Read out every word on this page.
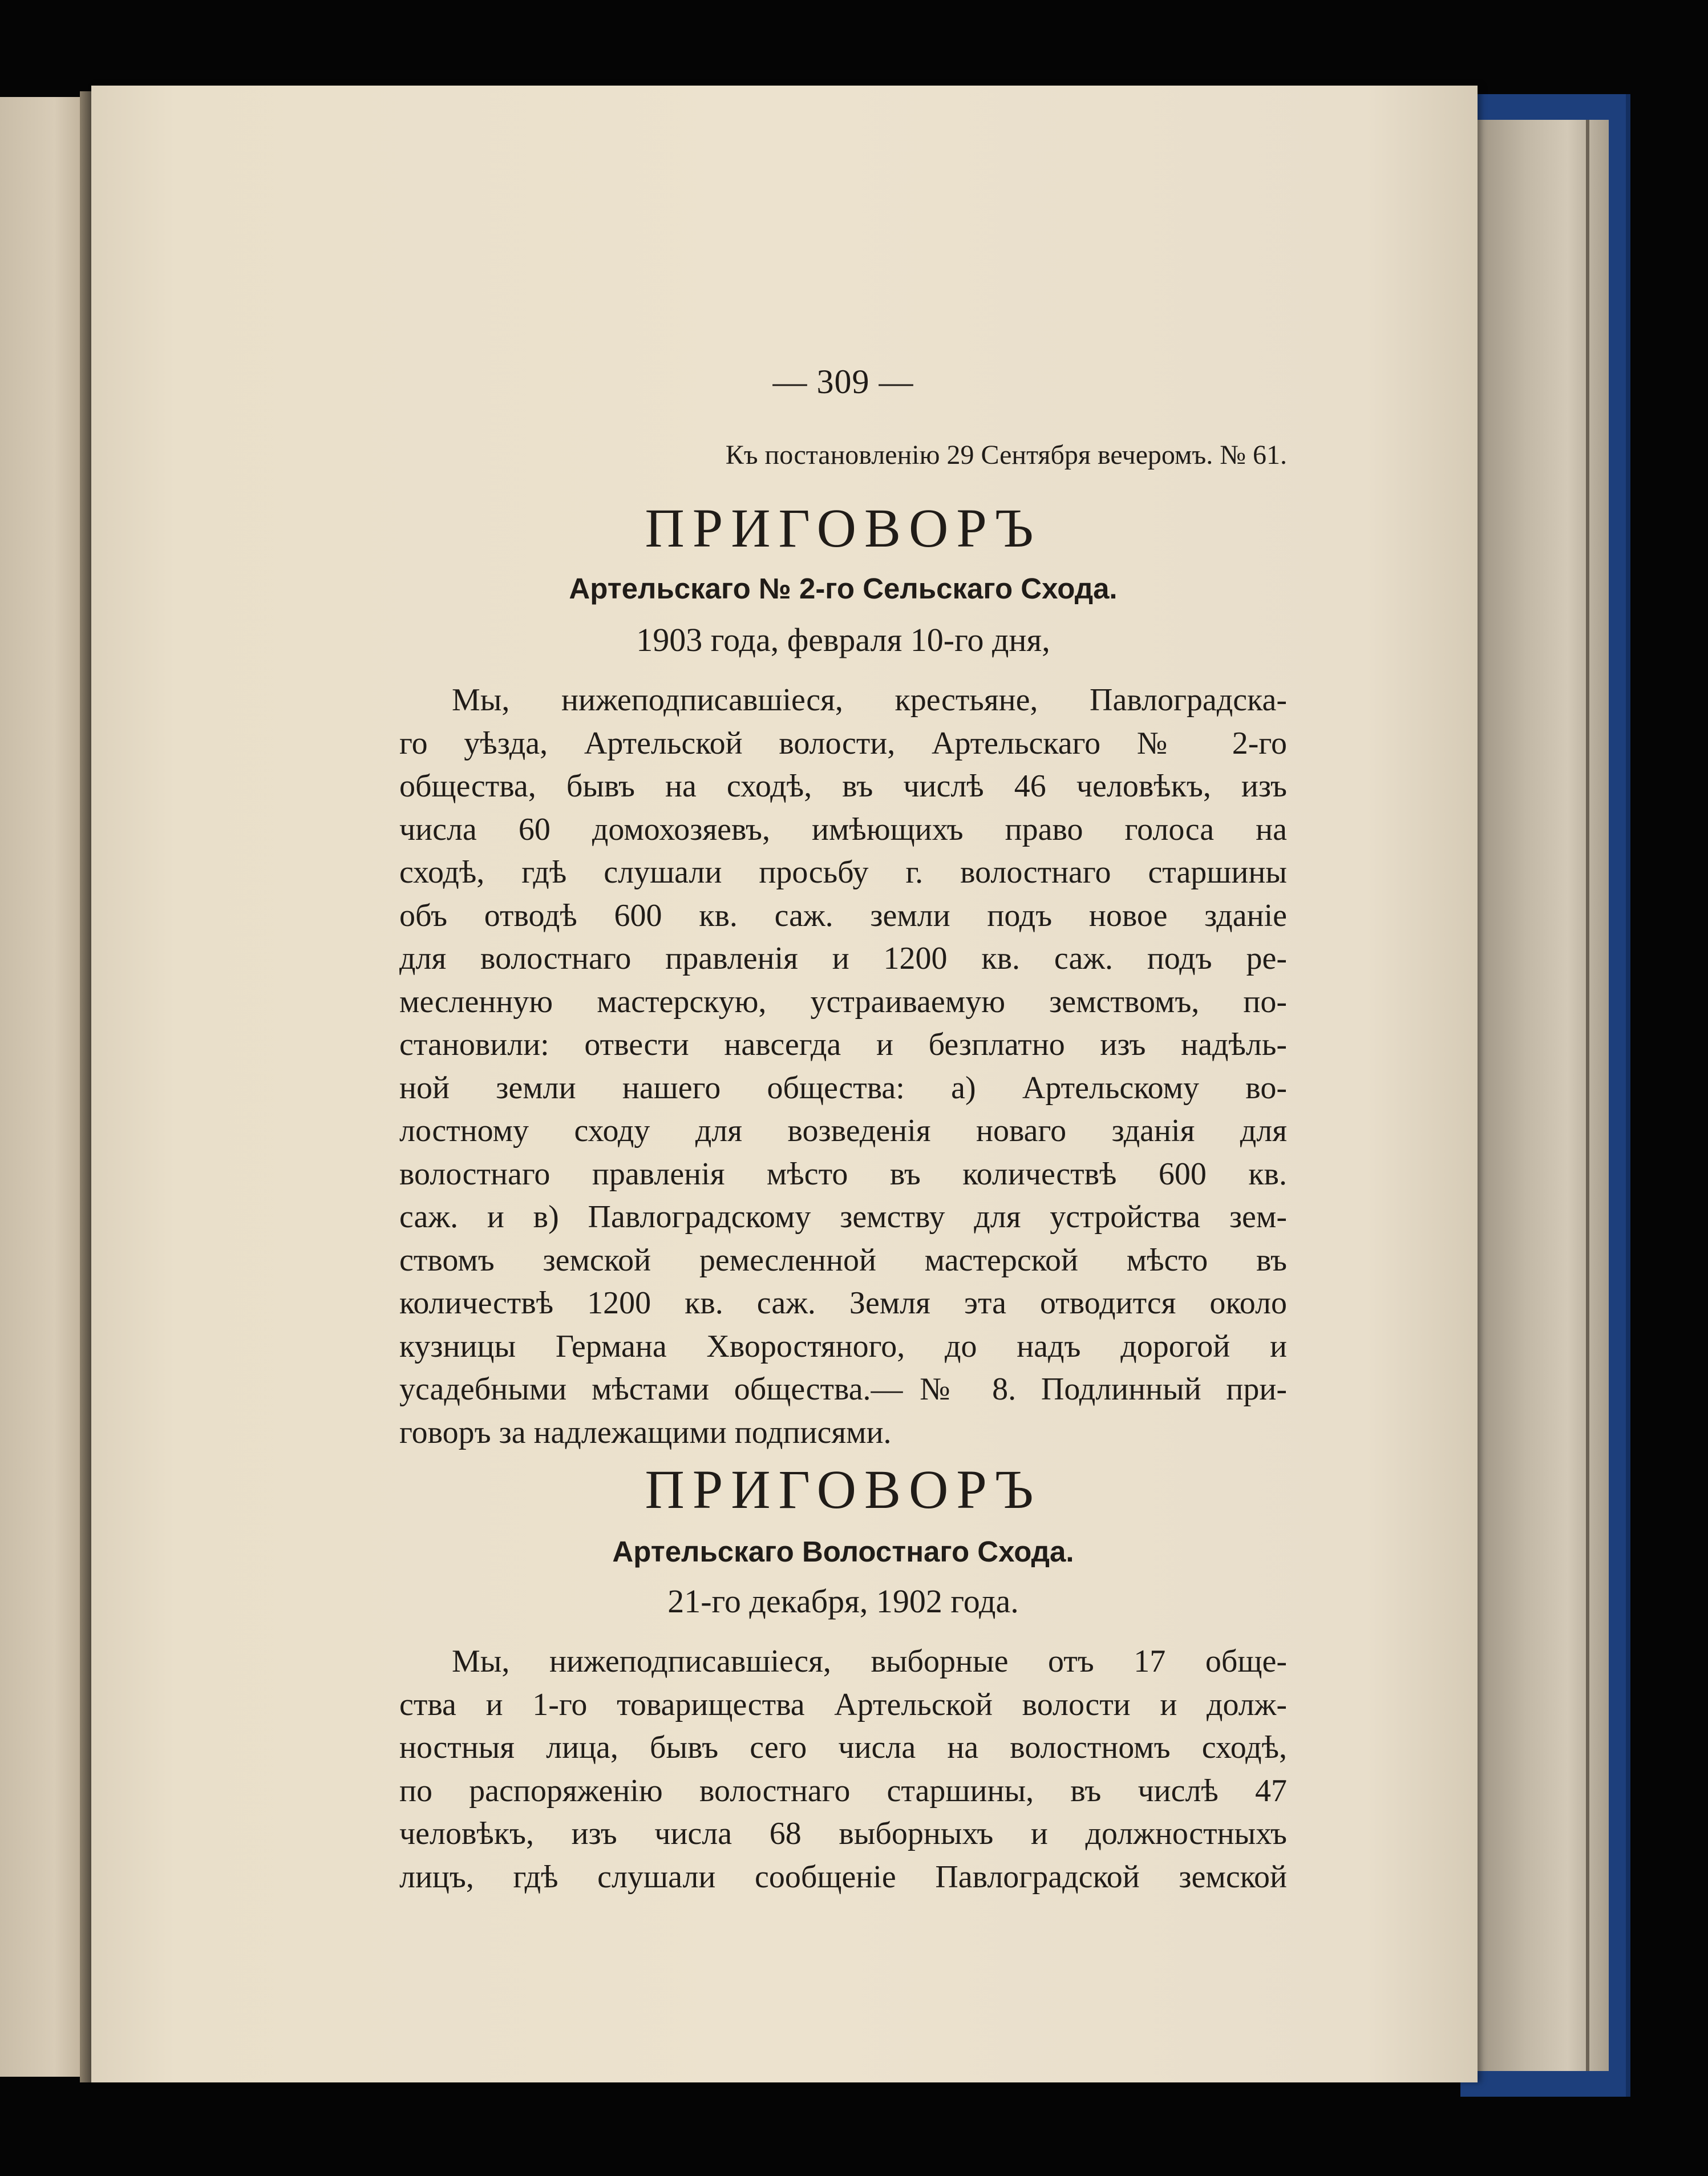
— 309 —
Къ постановленію 29 Сентября вечеромъ. № 61.
ПРИГОВОРЪ
Артельскаго № 2-го Сельскаго Схода.
1903 года, февраля 10-го дня,
Мы, нижеподписавшіеся, крестьяне, Павлоградска-
го уѣзда, Артельской волости, Артельскаго № 2-го
общества, бывъ на сходѣ, въ числѣ 46 человѣкъ, изъ
числа 60 домохозяевъ, имѣющихъ право голоса на
сходѣ, гдѣ слушали просьбу г. волостнаго старшины
объ отводѣ 600 кв. саж. земли подъ новое зданіе
для волостнаго правленія и 1200 кв. саж. подъ ре-
месленную мастерскую, устраиваемую земствомъ, по-
становили: отвести навсегда и безплатно изъ надѣль-
ной земли нашего общества: а) Артельскому во-
лостному сходу для возведенія новаго зданія для
волостнаго правленія мѣсто въ количествѣ 600 кв.
саж. и в) Павлоградскому земству для устройства зем-
ствомъ земской ремесленной мастерской мѣсто въ
количествѣ 1200 кв. саж. Земля эта отводится около
кузницы Германа Хворостяного, до надъ дорогой и
усадебными мѣстами общества.—№ 8. Подлинный при-
говоръ за надлежащими подписями.
ПРИГОВОРЪ
Артельскаго Волостнаго Схода.
21-го декабря, 1902 года.
Мы, нижеподписавшіеся, выборные отъ 17 обще-
ства и 1-го товарищества Артельской волости и долж-
ностныя лица, бывъ сего числа на волостномъ сходѣ,
по распоряженію волостнаго старшины, въ числѣ 47
человѣкъ, изъ числа 68 выборныхъ и должностныхъ
лицъ, гдѣ слушали сообщеніе Павлоградской земской
